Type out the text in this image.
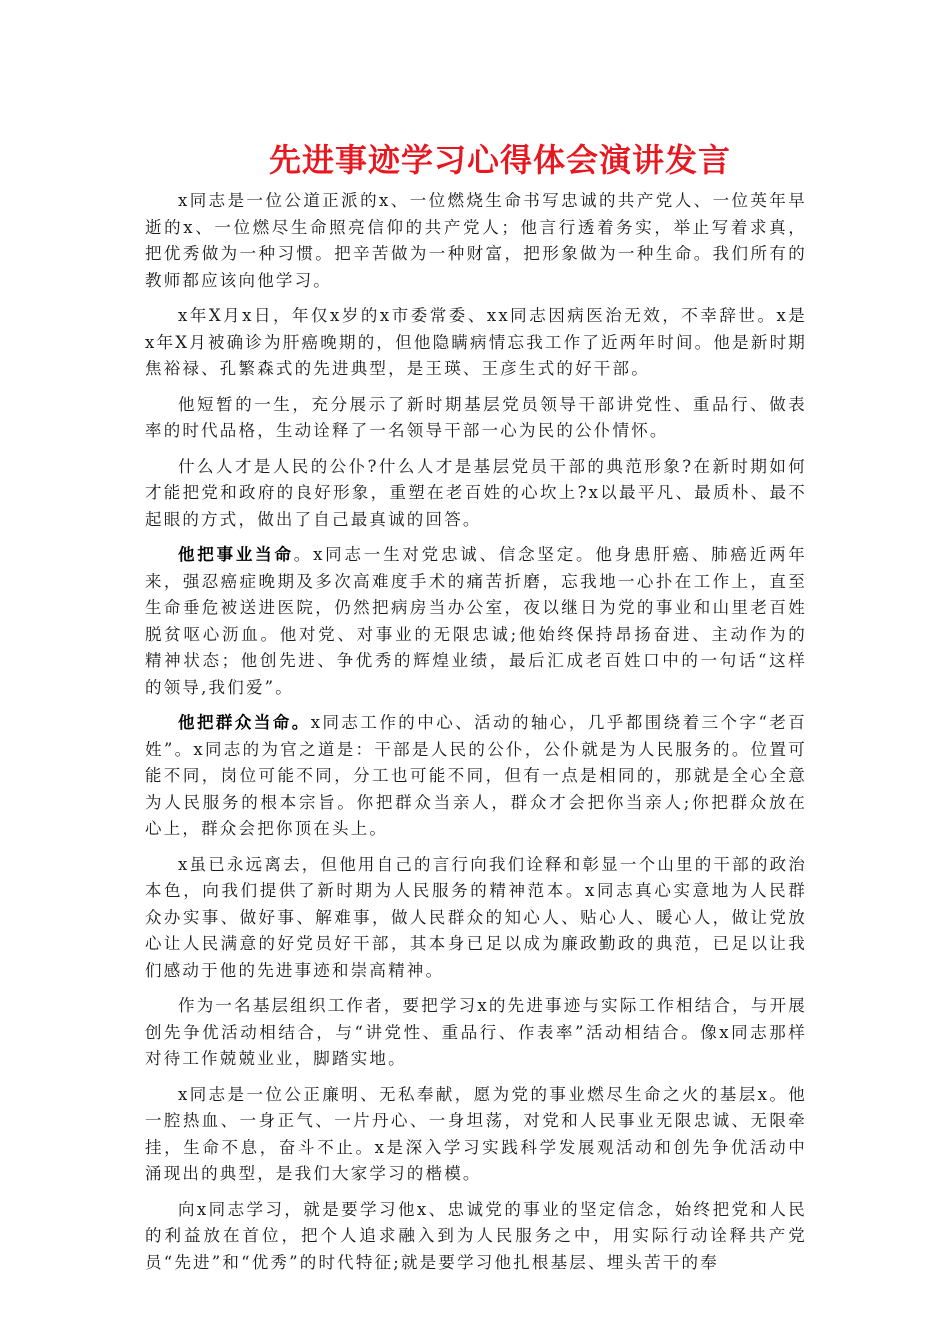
先进事迹学习心得体会演讲发言

x同志是一位公道正派的x、一位燃烧生命书写忠诚的共产党人、一位英年早逝的x、一位燃尽生命照亮信仰的共产党人；他言行透着务实，举止写着求真，把优秀做为一种习惯。把辛苦做为一种财富，把形象做为一种生命。我们所有的教师都应该向他学习。

x年X月x日，年仅x岁的x市委常委、xx同志因病医治无效，不幸辞世。x是x年X月被确诊为肝癌晚期的，但他隐瞒病情忘我工作了近两年时间。他是新时期焦裕禄、孔繁森式的先进典型，是王瑛、王彦生式的好干部。

他短暂的一生，充分展示了新时期基层党员领导干部讲党性、重品行、做表率的时代品格，生动诠释了一名领导干部一心为民的公仆情怀。

什么人才是人民的公仆?什么人才是基层党员干部的典范形象?在新时期如何才能把党和政府的良好形象，重塑在老百姓的心坎上?x以最平凡、最质朴、最不起眼的方式，做出了自己最真诚的回答。

他把事业当命。x同志一生对党忠诚、信念坚定。他身患肝癌、肺癌近两年来，强忍癌症晚期及多次高难度手术的痛苦折磨，忘我地一心扑在工作上，直至生命垂危被送进医院，仍然把病房当办公室，夜以继日为党的事业和山里老百姓脱贫呕心沥血。他对党、对事业的无限忠诚;他始终保持昂扬奋进、主动作为的精神状态；他创先进、争优秀的辉煌业绩，最后汇成老百姓口中的一句话“这样的领导,我们爱”。

他把群众当命。x同志工作的中心、活动的轴心，几乎都围绕着三个字“老百姓”。x同志的为官之道是：干部是人民的公仆，公仆就是为人民服务的。位置可能不同，岗位可能不同，分工也可能不同，但有一点是相同的，那就是全心全意为人民服务的根本宗旨。你把群众当亲人，群众才会把你当亲人;你把群众放在心上，群众会把你顶在头上。

x虽已永远离去，但他用自己的言行向我们诠释和彰显一个山里的干部的政治本色，向我们提供了新时期为人民服务的精神范本。x同志真心实意地为人民群众办实事、做好事、解难事，做人民群众的知心人、贴心人、暖心人，做让党放心让人民满意的好党员好干部，其本身已足以成为廉政勤政的典范，已足以让我们感动于他的先进事迹和崇高精神。

作为一名基层组织工作者，要把学习x的先进事迹与实际工作相结合，与开展创先争优活动相结合，与“讲党性、重品行、作表率”活动相结合。像x同志那样对待工作兢兢业业，脚踏实地。

x同志是一位公正廉明、无私奉献，愿为党的事业燃尽生命之火的基层x。他一腔热血、一身正气、一片丹心、一身坦荡，对党和人民事业无限忠诚、无限牵挂，生命不息，奋斗不止。x是深入学习实践科学发展观活动和创先争优活动中涌现出的典型，是我们大家学习的楷模。

向x同志学习，就是要学习他x、忠诚党的事业的坚定信念，始终把党和人民的利益放在首位，把个人追求融入到为人民服务之中，用实际行动诠释共产党员“先进”和“优秀”的时代特征;就是要学习他扎根基层、埋头苦干的奉
